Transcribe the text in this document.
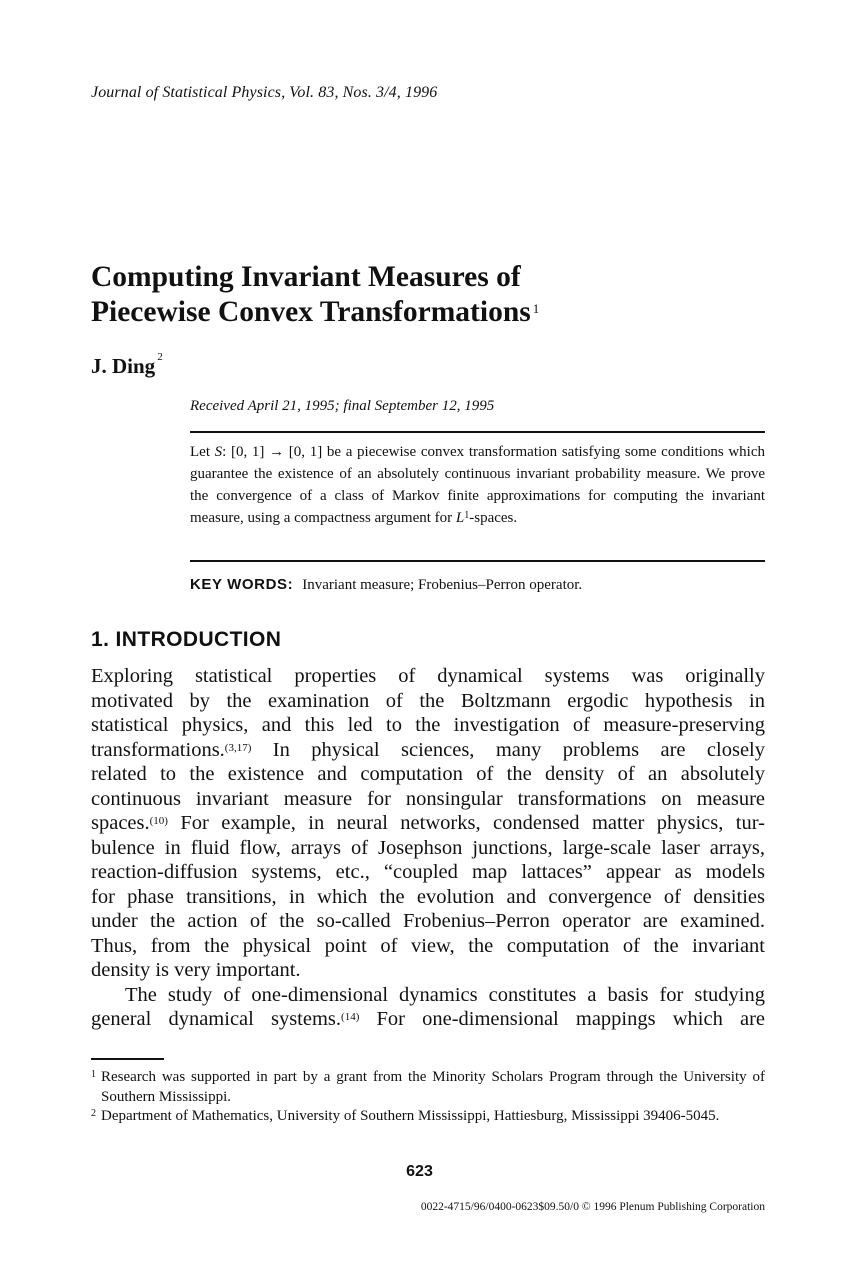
Journal of Statistical Physics, Vol. 83, Nos. 3/4, 1996
Computing Invariant Measures of
Piecewise Convex Transformations $^1$
J. Ding $^2$
Received April 21, 1995; final September 12, 1995
Let S: [0, 1] → [0, 1] be a piecewise convex transformation satisfying some conditions which guarantee the existence of an absolutely continuous invariant probability measure. We prove the convergence of a class of Markov finite approximations for computing the invariant measure, using a compactness argument for $L^1$-spaces.
KEY WORDS: Invariant measure; Frobenius–Perron operator.
1. INTRODUCTION
Exploring statistical properties of dynamical systems was originally
motivated by the examination of the Boltzmann ergodic hypothesis in
statistical physics, and this led to the investigation of measure-preserving
transformations.$^{(3,17)}$ In physical sciences, many problems are closely
related to the existence and computation of the density of an absolutely
continuous invariant measure for nonsingular transformations on measure
spaces.$^{(10)}$ For example, in neural networks, condensed matter physics, tur-
bulence in fluid flow, arrays of Josephson junctions, large-scale laser arrays,
reaction-diffusion systems, etc., “coupled map lattaces” appear as models
for phase transitions, in which the evolution and convergence of densities
under the action of the so-called Frobenius–Perron operator are examined.
Thus, from the physical point of view, the computation of the invariant
density is very important.
The study of one-dimensional dynamics constitutes a basis for studying
general dynamical systems.$^{(14)}$ For one-dimensional mappings which are
1 Research was supported in part by a grant from the Minority Scholars Program through the University of Southern Mississippi.
2 Department of Mathematics, University of Southern Mississippi, Hattiesburg, Mississippi 39406-5045.
623
0022-4715/96/0400-0623$09.50/0 © 1996 Plenum Publishing Corporation
